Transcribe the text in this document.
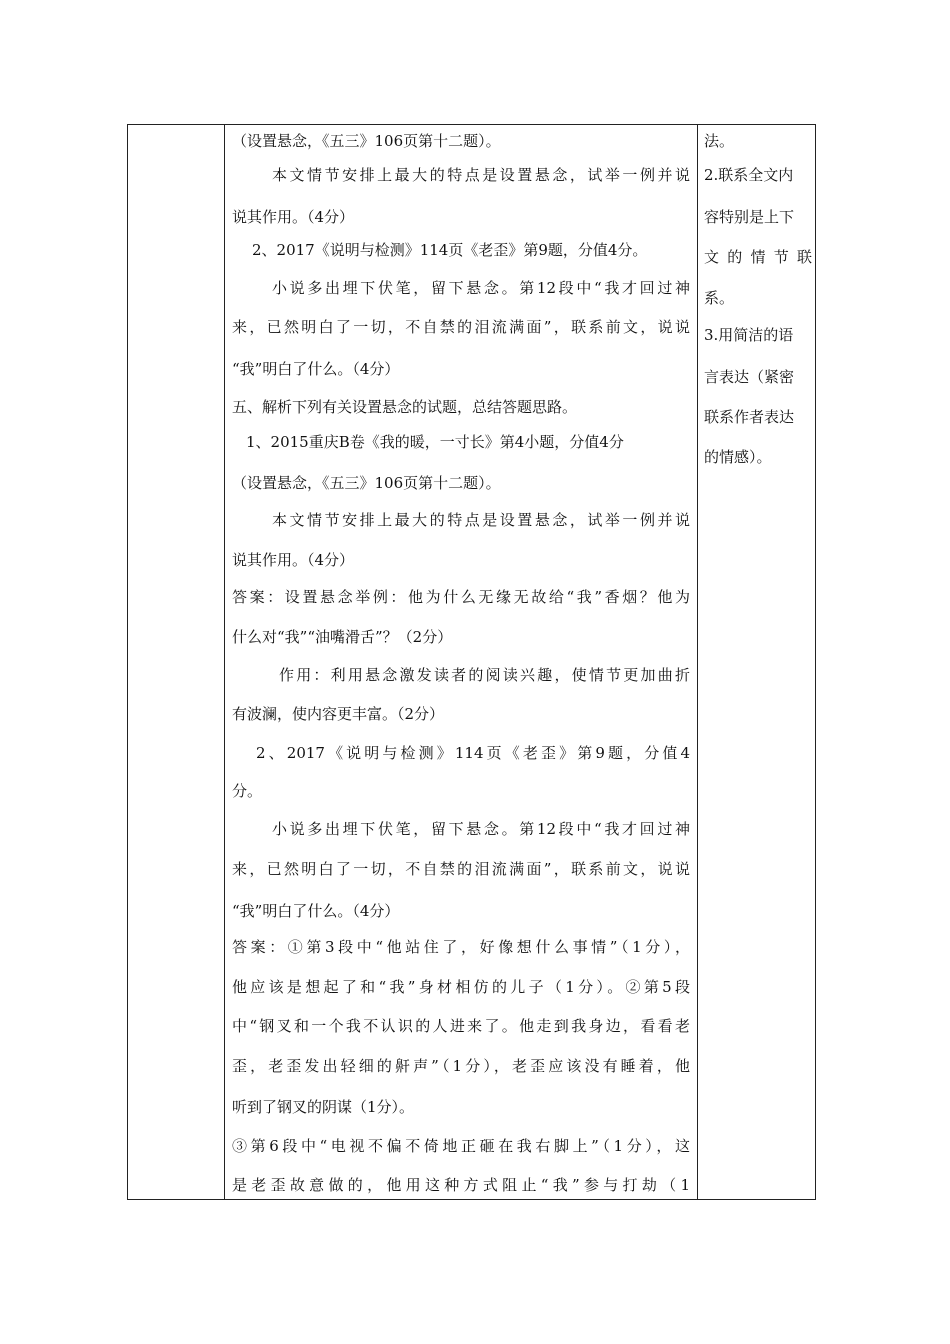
（设置悬念，《五三》106页第十二题）。
本文情节安排上最大的特点是设置悬念，试举一例并说
说其作用。（4分）
2、2017《说明与检测》114页《老歪》第9题，分值4分。
小说多出埋下伏笔，留下悬念。第12段中“我才回过神
来，已然明白了一切，不自禁的泪流满面”，联系前文，说说
“我”明白了什么。（4分）
五、解析下列有关设置悬念的试题，总结答题思路。
1、2015重庆B卷《我的暖，一寸长》第4小题，分值4分
（设置悬念，《五三》106页第十二题）。
本文情节安排上最大的特点是设置悬念，试举一例并说
说其作用。（4分）
答案：设置悬念举例：他为什么无缘无故给“我”香烟？他为
什么对“我”“油嘴滑舌”？（2分）
作用：利用悬念激发读者的阅读兴趣，使情节更加曲折
有波澜，使内容更丰富。（2分）
2、2017《说明与检测》114页《老歪》第9题，分值4
分。
小说多出埋下伏笔，留下悬念。第12段中“我才回过神
来，已然明白了一切，不自禁的泪流满面”，联系前文，说说
“我”明白了什么。（4分）
答案：①第3段中“他站住了，好像想什么事情”（1分），
他应该是想起了和“我”身材相仿的儿子（1分）。②第5段
中“钢叉和一个我不认识的人进来了。他走到我身边，看看老
歪，老歪发出轻细的鼾声”（1分），老歪应该没有睡着，他
听到了钢叉的阴谋（1分）。
③第6段中“电视不偏不倚地正砸在我右脚上”（1分），这
是老歪故意做的，他用这种方式阻止“我”参与打劫（1
法。
2.联系全文内
容特别是上下
文的情节联
系。
3.用简洁的语
言表达（紧密
联系作者表达
的情感）。
